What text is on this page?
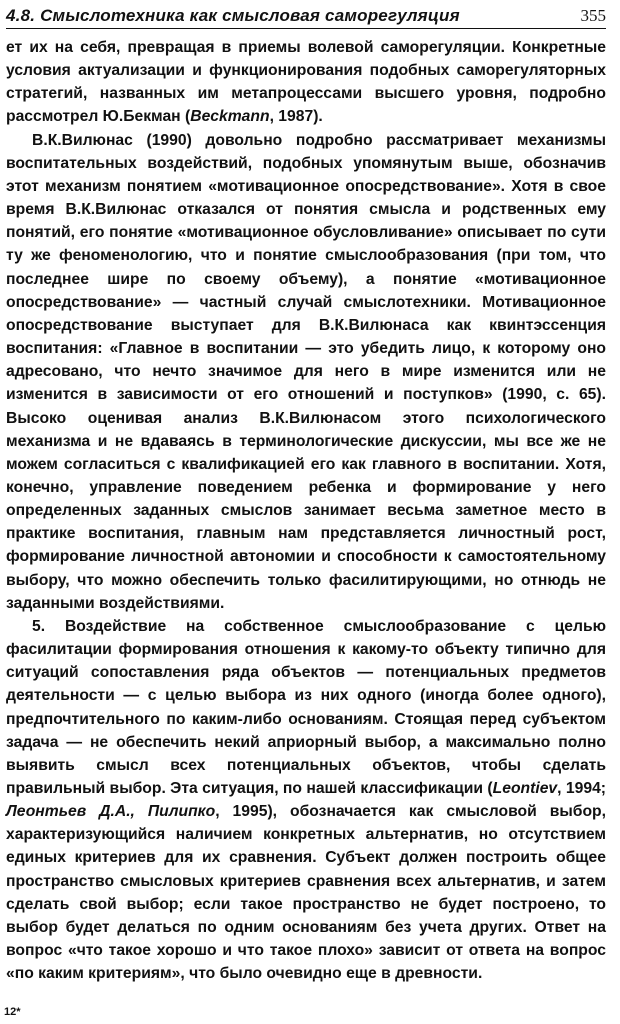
4.8. Смыслотехника как смысловая саморегуляция	355

ет их на себя, превращая в приемы волевой саморегуляции. Конкретные условия актуализации и функционирования подобных саморегуляторных стратегий, названных им метапроцессами высшего уровня, подробно рассмотрел Ю.Бекман (Beckmann, 1987).

В.К.Вилюнас (1990) довольно подробно рассматривает механизмы воспитательных воздействий, подобных упомянутым выше, обозначив этот механизм понятием «мотивационное опосредствование». Хотя в свое время В.К.Вилюнас отказался от понятия смысла и родственных ему понятий, его понятие «мотивационное обусловливание» описывает по сути ту же феноменологию, что и понятие смыслообразования (при том, что последнее шире по своему объему), а понятие «мотивационное опосредствование» — частный случай смыслотехники. Мотивационное опосредствование выступает для В.К.Вилюнаса как квинтэссенция воспитания: «Главное в воспитании — это убедить лицо, к которому оно адресовано, что нечто значимое для него в мире изменится или не изменится в зависимости от его отношений и поступков» (1990, с. 65). Высоко оценивая анализ В.К.Вилюнасом этого психологического механизма и не вдаваясь в терминологические дискуссии, мы все же не можем согласиться с квалификацией его как главного в воспитании. Хотя, конечно, управление поведением ребенка и формирование у него определенных заданных смыслов занимает весьма заметное место в практике воспитания, главным нам представляется личностный рост, формирование личностной автономии и способности к самостоятельному выбору, что можно обеспечить только фасилитирующими, но отнюдь не заданными воздействиями.

5. Воздействие на собственное смыслообразование с целью фасилитации формирования отношения к какому-то объекту типично для ситуаций сопоставления ряда объектов — потенциальных предметов деятельности — с целью выбора из них одного (иногда более одного), предпочтительного по каким-либо основаниям. Стоящая перед субъектом задача — не обеспечить некий априорный выбор, а максимально полно выявить смысл всех потенциальных объектов, чтобы сделать правильный выбор. Эта ситуация, по нашей классификации (Leontiev, 1994; Леонтьев Д.А., Пилипко, 1995), обозначается как смысловой выбор, характеризующийся наличием конкретных альтернатив, но отсутствием единых критериев для их сравнения. Субъект должен построить общее пространство смысловых критериев сравнения всех альтернатив, и затем сделать свой выбор; если такое пространство не будет построено, то выбор будет делаться по одним основаниям без учета других. Ответ на вопрос «что такое хорошо и что такое плохо» зависит от ответа на вопрос «по каким критериям», что было очевидно еще в древности.

12*
